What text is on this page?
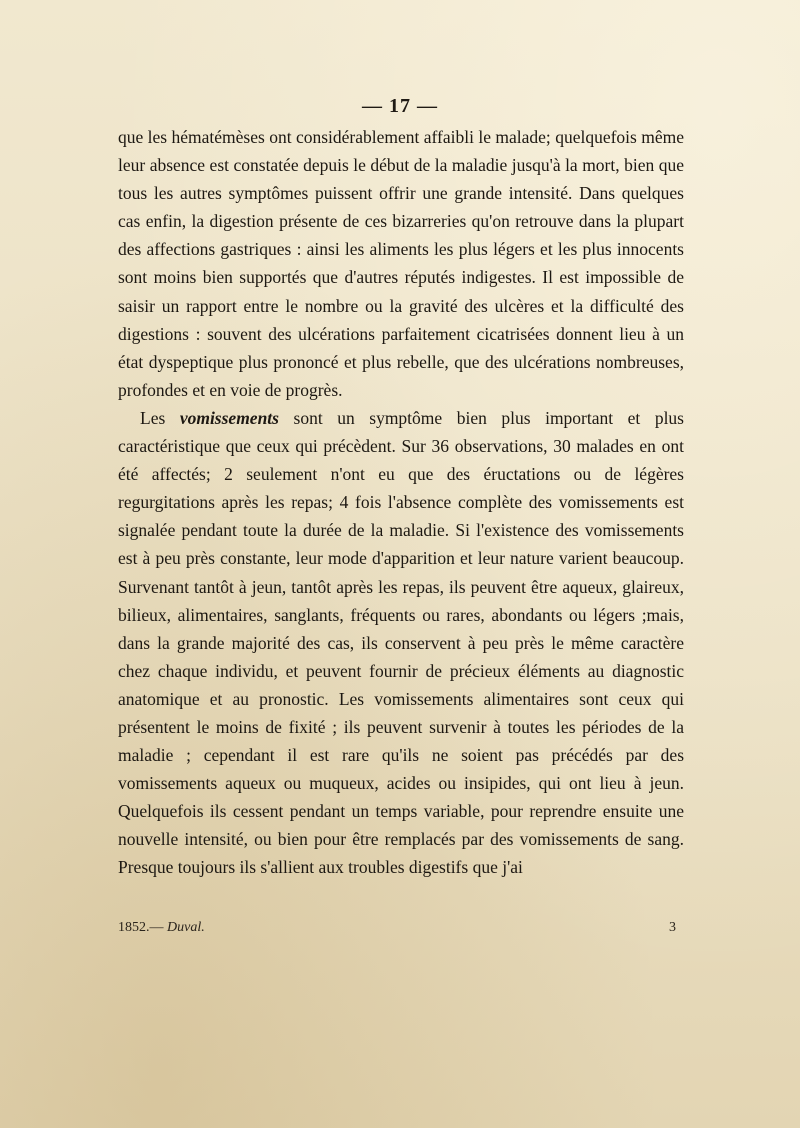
— 17 —

que les hématémèses ont considérablement affaibli le malade; quelquefois même leur absence est constatée depuis le début de la maladie jusqu'à la mort, bien que tous les autres symptômes puissent offrir une grande intensité. Dans quelques cas enfin, la digestion présente de ces bizarreries qu'on retrouve dans la plupart des affections gastriques : ainsi les aliments les plus légers et les plus innocents sont moins bien supportés que d'autres réputés indigestes. Il est impossible de saisir un rapport entre le nombre ou la gravité des ulcères et la difficulté des digestions : souvent des ulcérations parfaitement cicatrisées donnent lieu à un état dyspeptique plus prononcé et plus rebelle, que des ulcérations nombreuses, profondes et en voie de progrès.

Les vomissements sont un symptôme bien plus important et plus caractéristique que ceux qui précèdent. Sur 36 observations, 30 malades en ont été affectés; 2 seulement n'ont eu que des éructations ou de légères regurgitations après les repas; 4 fois l'absence complète des vomissements est signalée pendant toute la durée de la maladie. Si l'existence des vomissements est à peu près constante, leur mode d'apparition et leur nature varient beaucoup. Survenant tantôt à jeun, tantôt après les repas, ils peuvent être aqueux, glaireux, bilieux, alimentaires, sanglants, fréquents ou rares, abondants ou légers ;mais, dans la grande majorité des cas, ils conservent à peu près le même caractère chez chaque individu, et peuvent fournir de précieux éléments au diagnostic anatomique et au pronostic. Les vomissements alimentaires sont ceux qui présentent le moins de fixité ; ils peuvent survenir à toutes les périodes de la maladie ; cependant il est rare qu'ils ne soient pas précédés par des vomissements aqueux ou muqueux, acides ou insipides, qui ont lieu à jeun. Quelquefois ils cessent pendant un temps variable, pour reprendre ensuite une nouvelle intensité, ou bien pour être remplacés par des vomissements de sang. Presque toujours ils s'allient aux troubles digestifs que j'ai

1852.— Duval.	3
